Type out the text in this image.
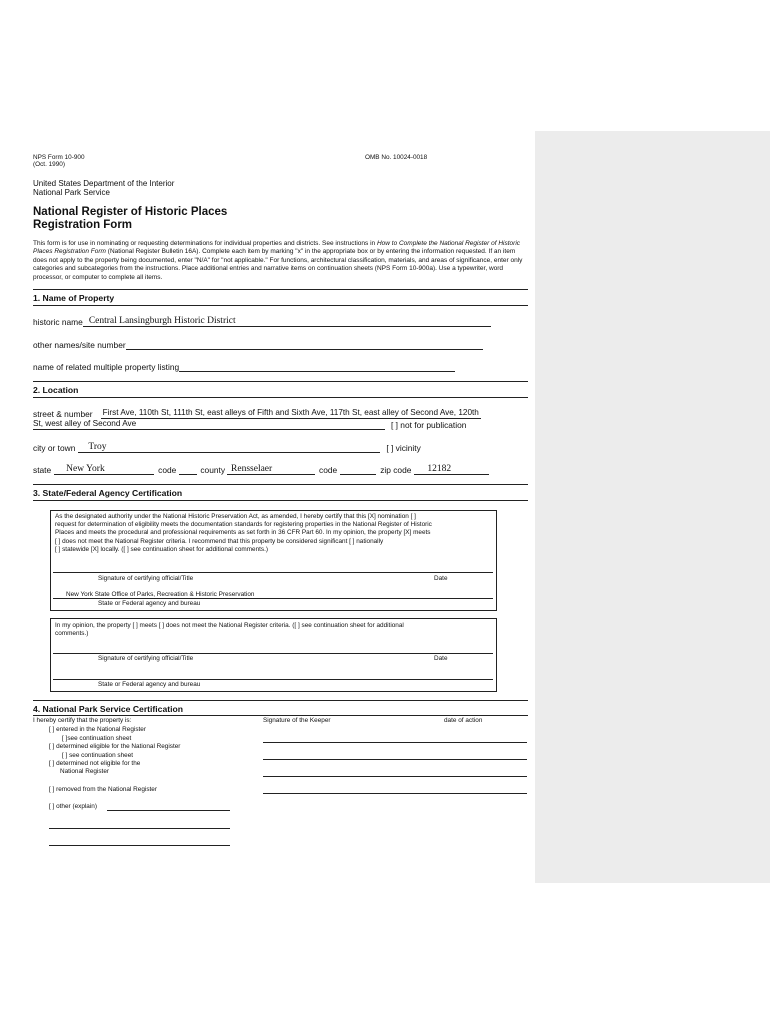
NPS Form 10-900
(Oct. 1990)
OMB No. 10024-0018
United States Department of the Interior
National Park Service
National Register of Historic Places
Registration Form
This form is for use in nominating or requesting determinations for individual properties and districts. See instructions in How to Complete the National Register of Historic Places Registration Form (National Register Bulletin 16A). Complete each item by marking "x" in the appropriate box or by entering the information requested. If an item does not apply to the property being documented, enter "N/A" for "not applicable." For functions, architectural classification, materials, and areas of significance, enter only categories and subcategories from the instructions. Place additional entries and narrative items on continuation sheets (NPS Form 10-900a). Use a typewriter, word processor, or computer to complete all items.
1. Name of Property
historic name Central Lansingburgh Historic District
other names/site number
name of related multiple property listing
2. Location
street & number First Ave, 110th St, 111th St, east alleys of Fifth and Sixth Ave, 117th St, east alley of Second Ave, 120th
St, west alley of Second Ave	[ ] not for publication
city or town	Troy	[ ] vicinity
state	New York	code	county Rensselaer	code	zip code	12182
3. State/Federal Agency Certification
As the designated authority under the National Historic Preservation Act, as amended, I hereby certify that this [X] nomination [ ]
request for determination of eligibility meets the documentation standards for registering properties in the National Register of Historic
Places and meets the procedural and professional requirements as set forth in 36 CFR Part 60. In my opinion, the property [X] meets
[ ] does not meet the National Register criteria. I recommend that this property be considered significant [ ] nationally
[ ] statewide [X] locally. ([ ] see continuation sheet for additional comments.)
Signature of certifying official/Title	Date
New York State Office of Parks, Recreation & Historic Preservation
State or Federal agency and bureau
In my opinion, the property [ ] meets [ ] does not meet the National Register criteria. ([ ] see continuation sheet for additional
comments.)
Signature of certifying official/Title	Date
State or Federal agency and bureau
4. National Park Service Certification
I hereby certify that the property is:
[ ] entered in the National Register
[ ]see continuation sheet
[ ] determined eligible for the National Register
[ ] see continuation sheet
[ ] determined not eligible for the
National Register
[ ] removed from the National Register
[ ] other (explain)
Signature of the Keeper	date of action
